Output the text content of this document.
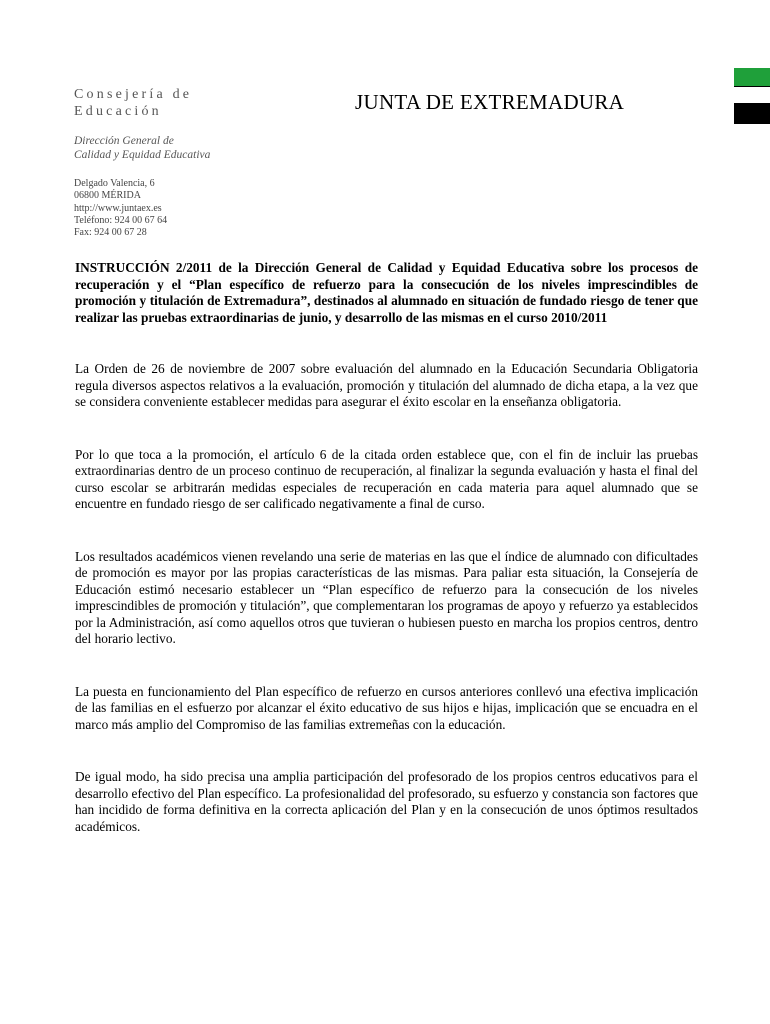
Consejería de Educación	JUNTA DE EXTREMADURA
Dirección General de
Calidad y Equidad Educativa
Delgado Valencia, 6
06800 MÉRIDA
http://www.juntaex.es
Teléfono: 924 00 67 64
Fax: 924 00 67 28

INSTRUCCIÓN 2/2011 de la Dirección General de Calidad y Equidad Educativa sobre los procesos de recuperación y el “Plan específico de refuerzo para la consecución de los niveles imprescindibles de promoción y titulación de Extremadura”, destinados al alumnado en situación de fundado riesgo de tener que realizar las pruebas extraordinarias de junio, y desarrollo de las mismas en el curso 2010/2011

La Orden de 26 de noviembre de 2007 sobre evaluación del alumnado en la Educación Secundaria Obligatoria regula diversos aspectos relativos a la evaluación, promoción y titulación del alumnado de dicha etapa, a la vez que se considera conveniente establecer medidas para asegurar el éxito escolar en la enseñanza obligatoria.

Por lo que toca a la promoción, el artículo 6 de la citada orden establece que, con el fin de incluir las pruebas extraordinarias dentro de un proceso continuo de recuperación, al finalizar la segunda evaluación y hasta el final del curso escolar se arbitrarán medidas especiales de recuperación en cada materia para aquel alumnado que se encuentre en fundado riesgo de ser calificado negativamente a final de curso.

Los resultados académicos vienen revelando una serie de materias en las que el índice de alumnado con dificultades de promoción es mayor por las propias características de las mismas. Para paliar esta situación, la Consejería de Educación estimó necesario establecer un “Plan específico de refuerzo para la consecución de los niveles imprescindibles de promoción y titulación”, que complementaran los programas de apoyo y refuerzo ya establecidos por la Administración, así como aquellos otros que tuvieran o hubiesen puesto en marcha los propios centros, dentro del horario lectivo.

La puesta en funcionamiento del Plan específico de refuerzo en cursos anteriores conllevó una efectiva implicación de las familias en el esfuerzo por alcanzar el éxito educativo de sus hijos e hijas, implicación que se encuadra en el marco más amplio del Compromiso de las familias extremeñas con la educación.

De igual modo, ha sido precisa una amplia participación del profesorado de los propios centros educativos para el desarrollo efectivo del Plan específico. La profesionalidad del profesorado, su esfuerzo y constancia son factores que han incidido de forma definitiva en la correcta aplicación del Plan y en la consecución de unos óptimos resultados académicos.
